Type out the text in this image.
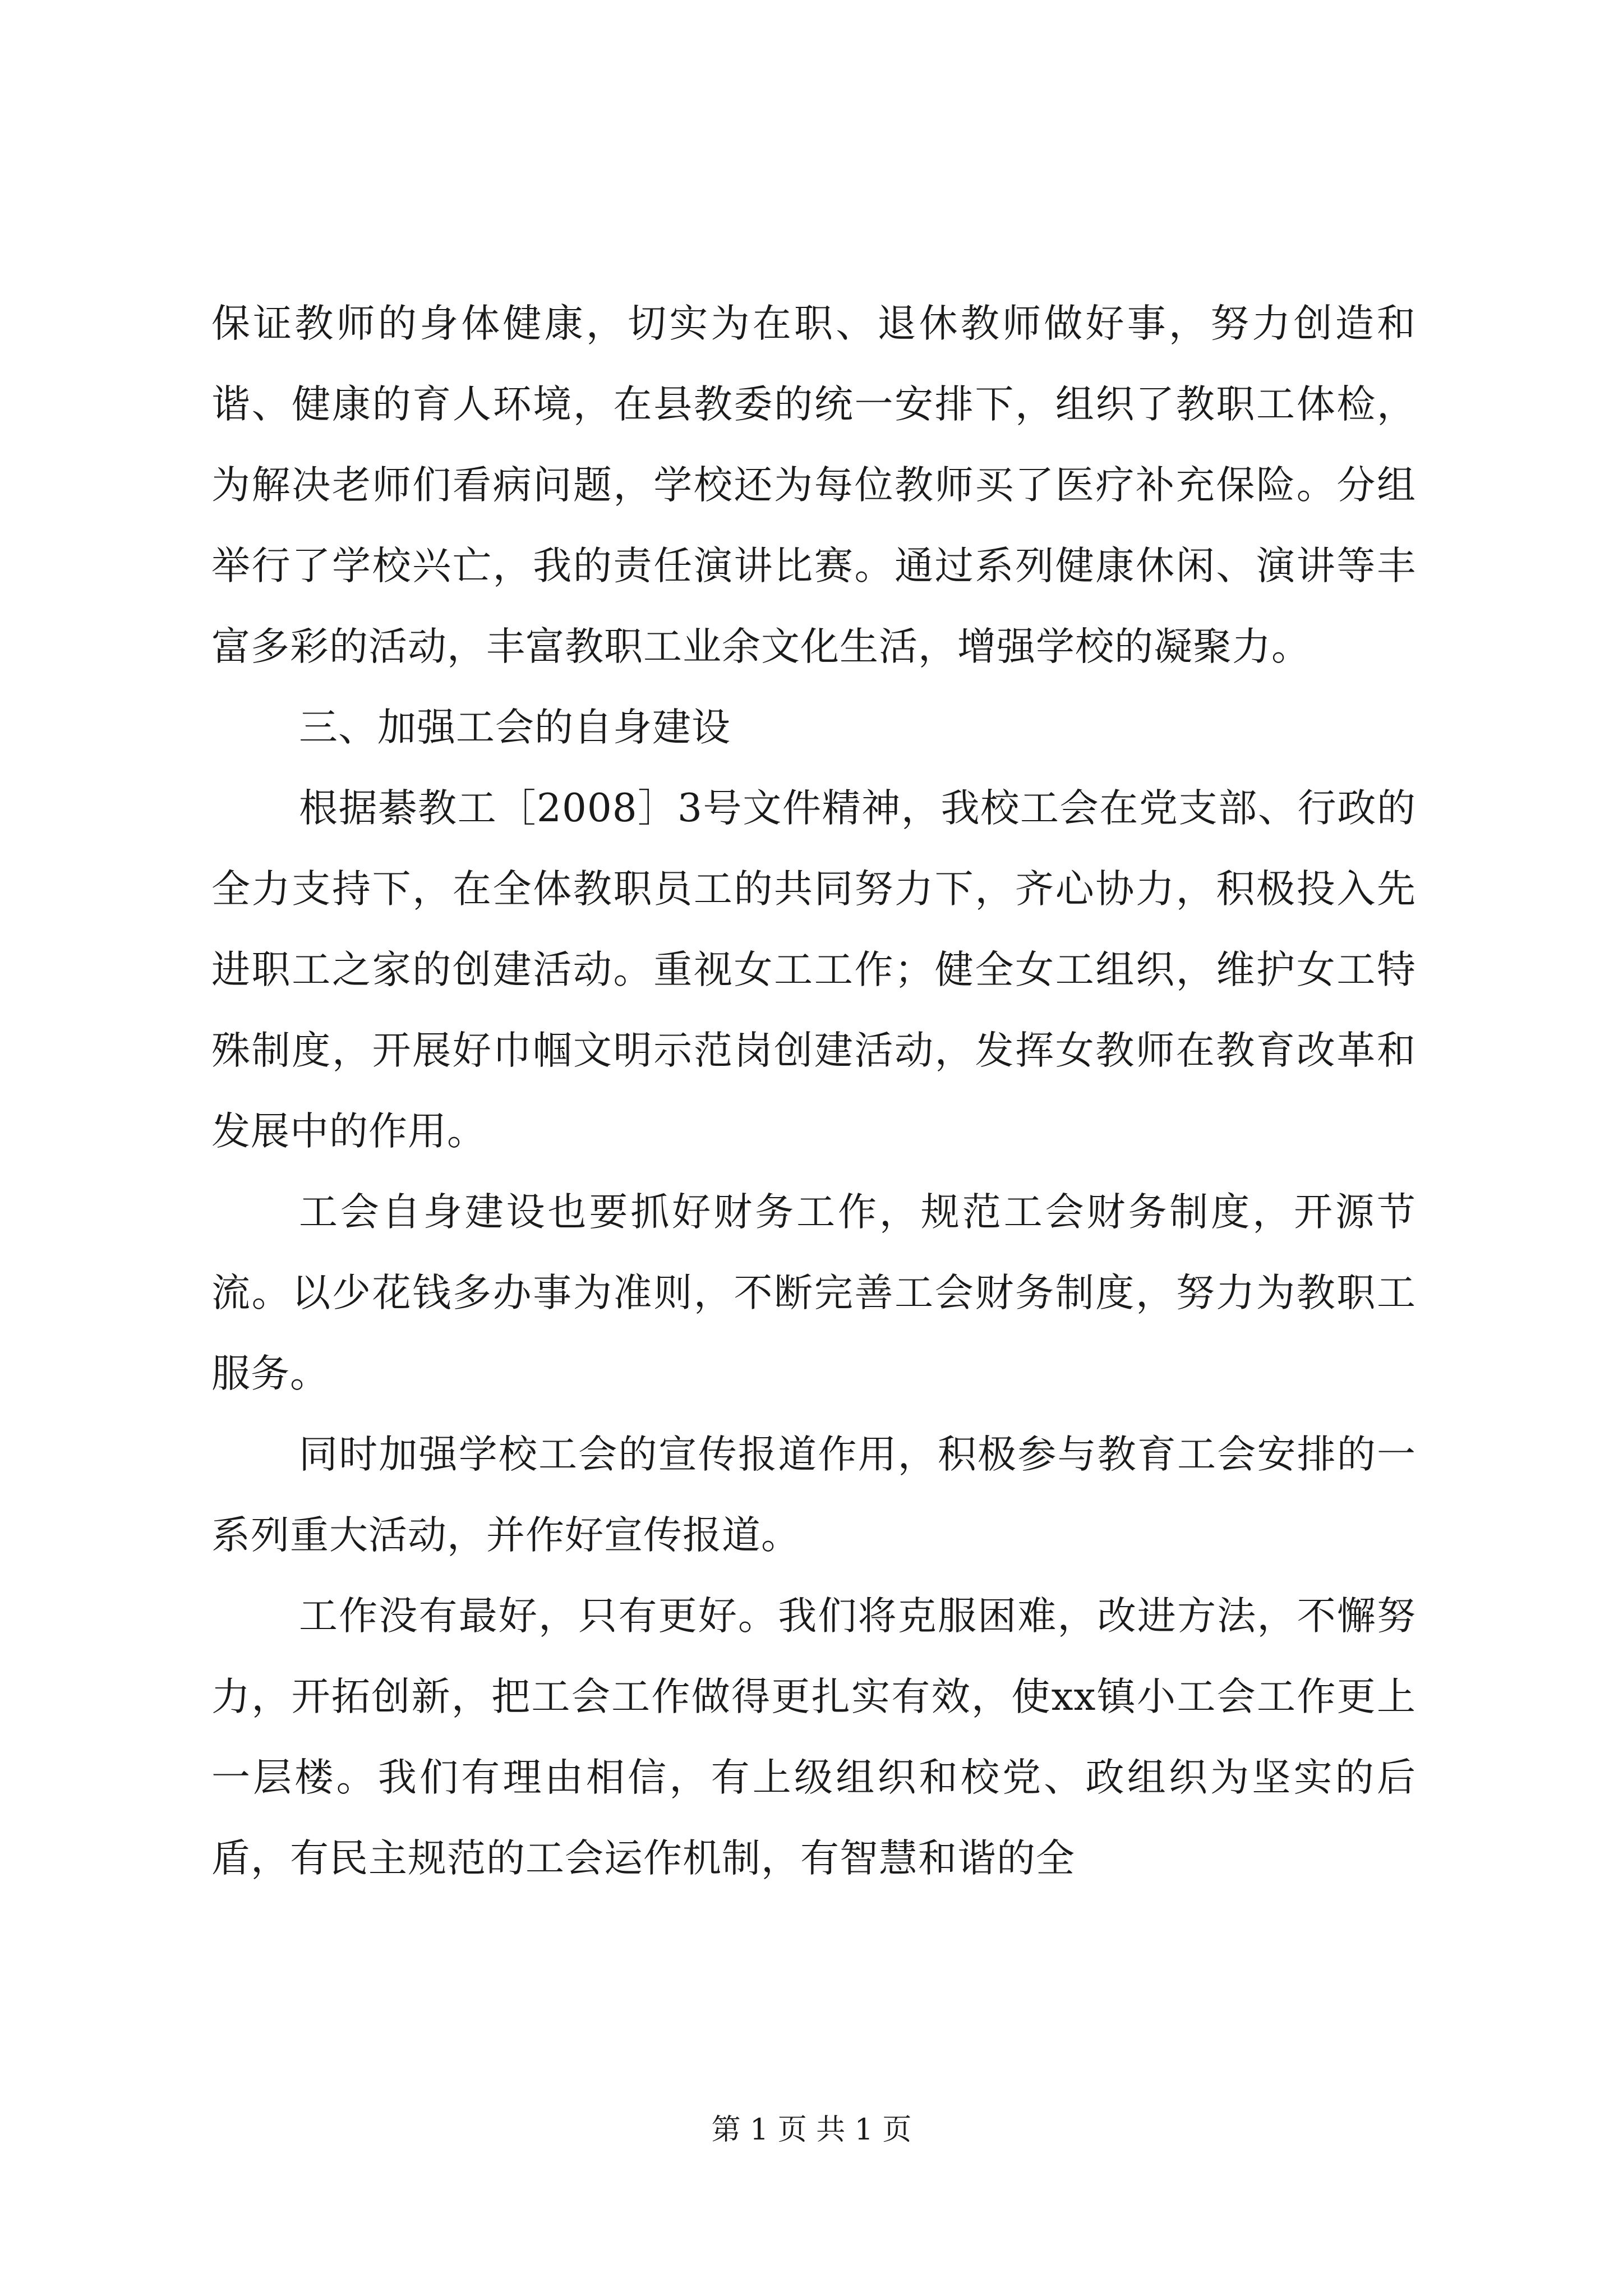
保证教师的身体健康，切实为在职、退休教师做好事，努力创造和谐、健康的育人环境，在县教委的统一安排下，组织了教职工体检，为解决老师们看病问题，学校还为每位教师买了医疗补充保险。分组举行了学校兴亡，我的责任演讲比赛。通过系列健康休闲、演讲等丰富多彩的活动，丰富教职工业余文化生活，增强学校的凝聚力。

三、加强工会的自身建设

根据綦教工［2008］3号文件精神，我校工会在党支部、行政的全力支持下，在全体教职员工的共同努力下，齐心协力，积极投入先进职工之家的创建活动。重视女工工作；健全女工组织，维护女工特殊制度，开展好巾帼文明示范岗创建活动，发挥女教师在教育改革和发展中的作用。

工会自身建设也要抓好财务工作，规范工会财务制度，开源节流。以少花钱多办事为准则，不断完善工会财务制度，努力为教职工服务。

同时加强学校工会的宣传报道作用，积极参与教育工会安排的一系列重大活动，并作好宣传报道。

工作没有最好，只有更好。我们将克服困难，改进方法，不懈努力，开拓创新，把工会工作做得更扎实有效，使xx镇小工会工作更上一层楼。我们有理由相信，有上级组织和校党、政组织为坚实的后盾，有民主规范的工会运作机制，有智慧和谐的全

第 1 页 共 1 页
